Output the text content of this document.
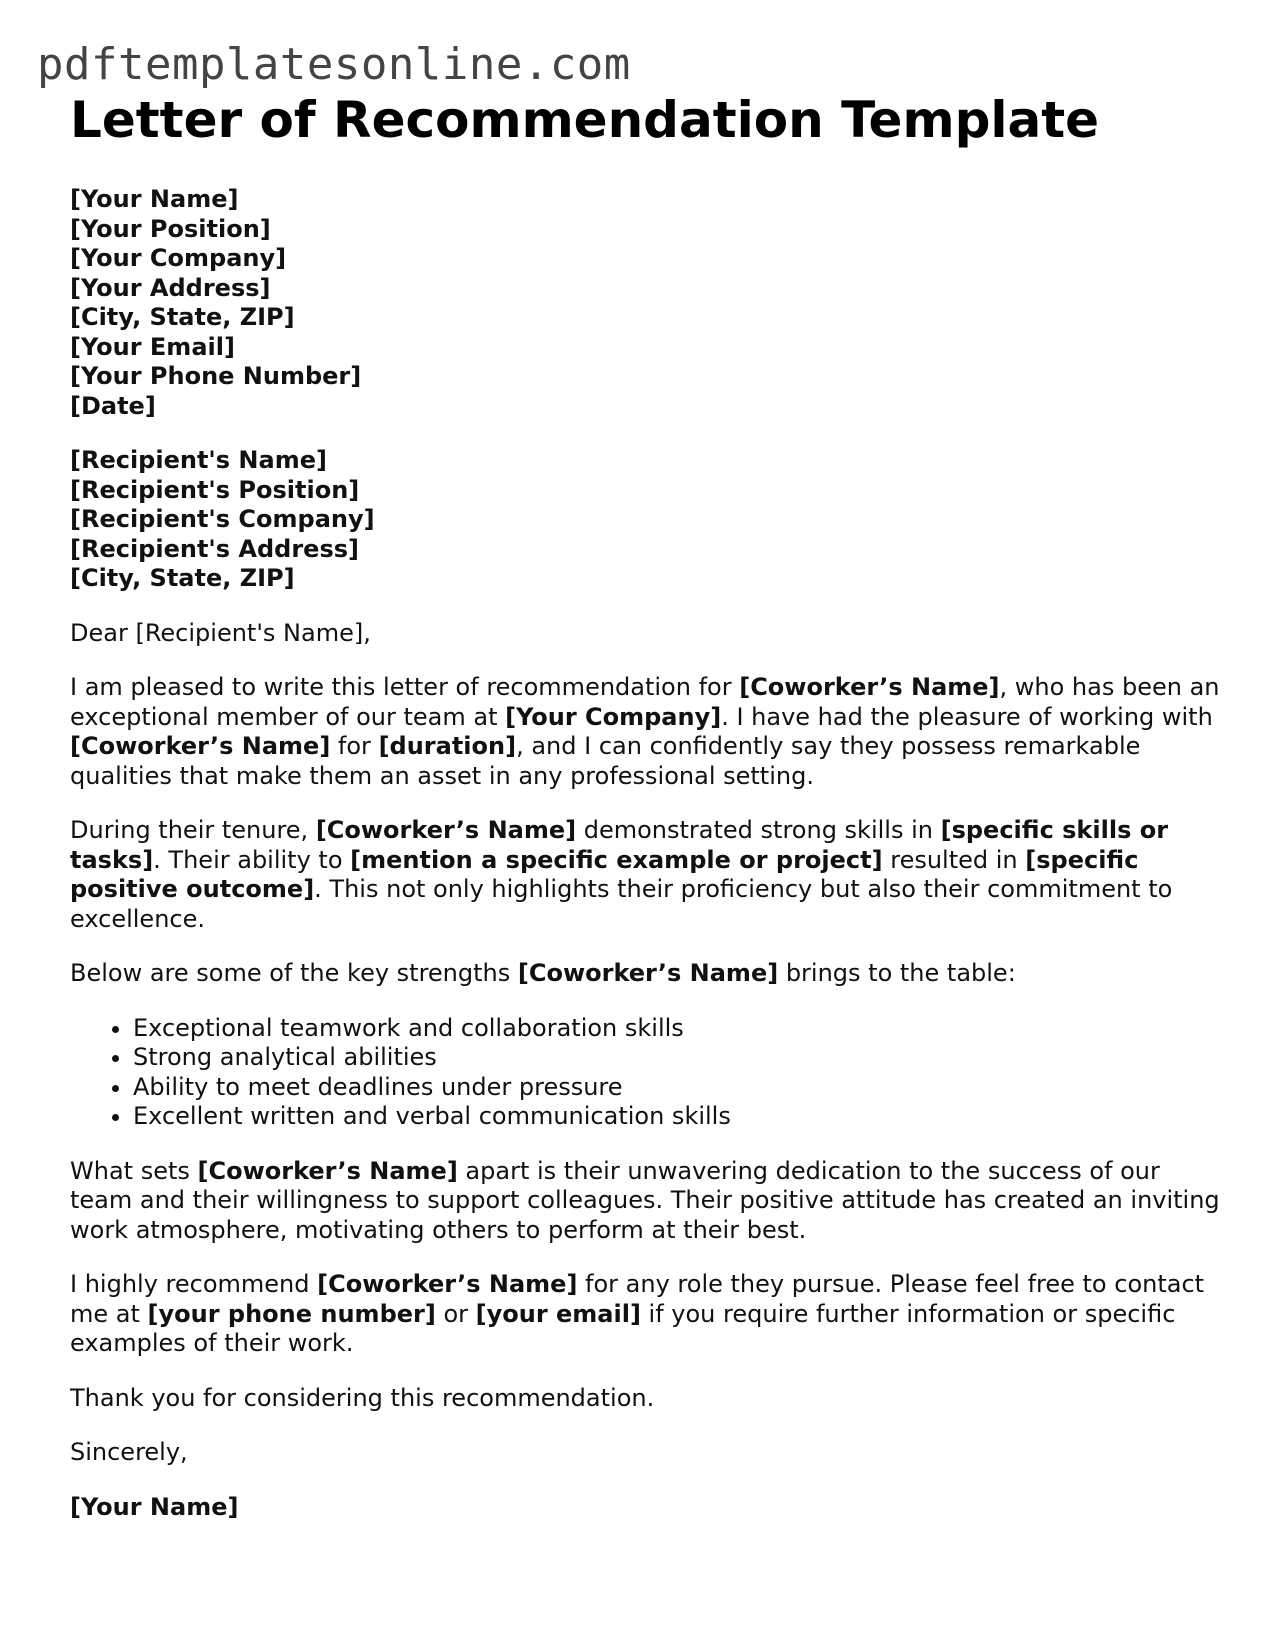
pdftemplatesonline.com
Letter of Recommendation Template
[Your Name]
[Your Position]
[Your Company]
[Your Address]
[City, State, ZIP]
[Your Email]
[Your Phone Number]
[Date]
[Recipient's Name]
[Recipient's Position]
[Recipient's Company]
[Recipient's Address]
[City, State, ZIP]

Dear [Recipient's Name],

I am pleased to write this letter of recommendation for [Coworker’s Name], who has been an exceptional member of our team at [Your Company]. I have had the pleasure of working with [Coworker’s Name] for [duration], and I can confidently say they possess remarkable qualities that make them an asset in any professional setting.

During their tenure, [Coworker’s Name] demonstrated strong skills in [specific skills or tasks]. Their ability to [mention a specific example or project] resulted in [specific positive outcome]. This not only highlights their proficiency but also their commitment to excellence.

Below are some of the key strengths [Coworker’s Name] brings to the table:

• Exceptional teamwork and collaboration skills
• Strong analytical abilities
• Ability to meet deadlines under pressure
• Excellent written and verbal communication skills

What sets [Coworker’s Name] apart is their unwavering dedication to the success of our team and their willingness to support colleagues. Their positive attitude has created an inviting work atmosphere, motivating others to perform at their best.

I highly recommend [Coworker’s Name] for any role they pursue. Please feel free to contact me at [your phone number] or [your email] if you require further information or specific examples of their work.

Thank you for considering this recommendation.

Sincerely,

[Your Name]
